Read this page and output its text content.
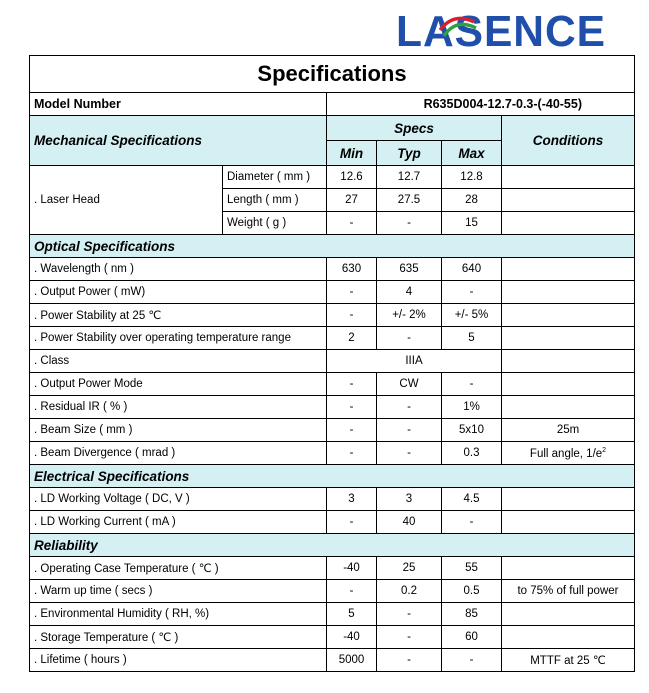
LASENCE
Specifications					
Model Number		R635D004-12.7-0.3-(-40-55)			
Mechanical Specifications		Specs			Conditions
		Min	Typ	Max	
. Laser Head	Diameter ( mm )	12.6	12.7	12.8	
	Length ( mm )	27	27.5	28	
	Weight ( g )	-	-	15	
Optical Specifications					
. Wavelength ( nm )		630	635	640	
. Output Power ( mW)		-	4	-	
. Power Stability at 25 ℃		-	+/- 2%	+/- 5%	
. Power Stability over operating temperature range		2	-	5	
. Class		IIIA			
. Output Power Mode		-	CW	-	
. Residual IR ( % )		-	-	1%	
. Beam Size ( mm )		-	-	5x10	25m
. Beam Divergence ( mrad )		-	-	0.3	Full angle, $1/e^2$
Electrical Specifications					
. LD Working Voltage ( DC, V )		3	3	4.5	
. LD Working Current ( mA )		-	40	-	
Reliability					
. Operating Case Temperature ( ℃ )		-40	25	55	
. Warm up time ( secs )		-	0.2	0.5	to 75% of full power
. Environmental Humidity ( RH, %)		5	-	85	
. Storage Temperature ( ℃ )		-40	-	60	
. Lifetime ( hours )		5000	-	-	MTTF at 25 ℃
